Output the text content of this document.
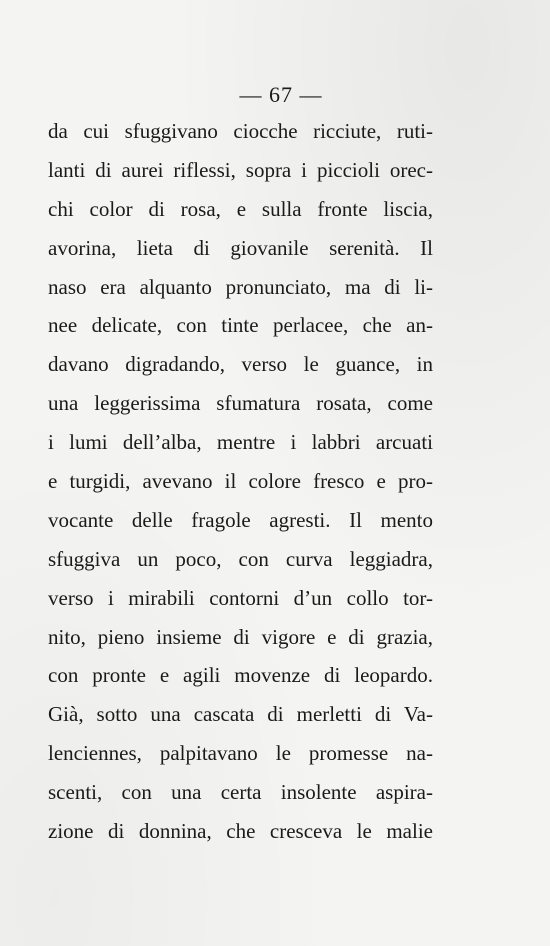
— 67 —
da cui sfuggivano ciocche ricciute, ruti-
lanti di aurei riflessi, sopra i piccioli orec-
chi color di rosa, e sulla fronte liscia,
avorina, lieta di giovanile serenità. Il
naso era alquanto pronunciato, ma di li-
nee delicate, con tinte perlacee, che an-
davano digradando, verso le guance, in
una leggerissima sfumatura rosata, come
i lumi dell’alba, mentre i labbri arcuati
e turgidi, avevano il colore fresco e pro-
vocante delle fragole agresti. Il mento
sfuggiva un poco, con curva leggiadra,
verso i mirabili contorni d’un collo tor-
nito, pieno insieme di vigore e di grazia,
con pronte e agili movenze di leopardo.
Già, sotto una cascata di merletti di Va-
lenciennes, palpitavano le promesse na-
scenti, con una certa insolente aspira-
zione di donnina, che cresceva le malie
